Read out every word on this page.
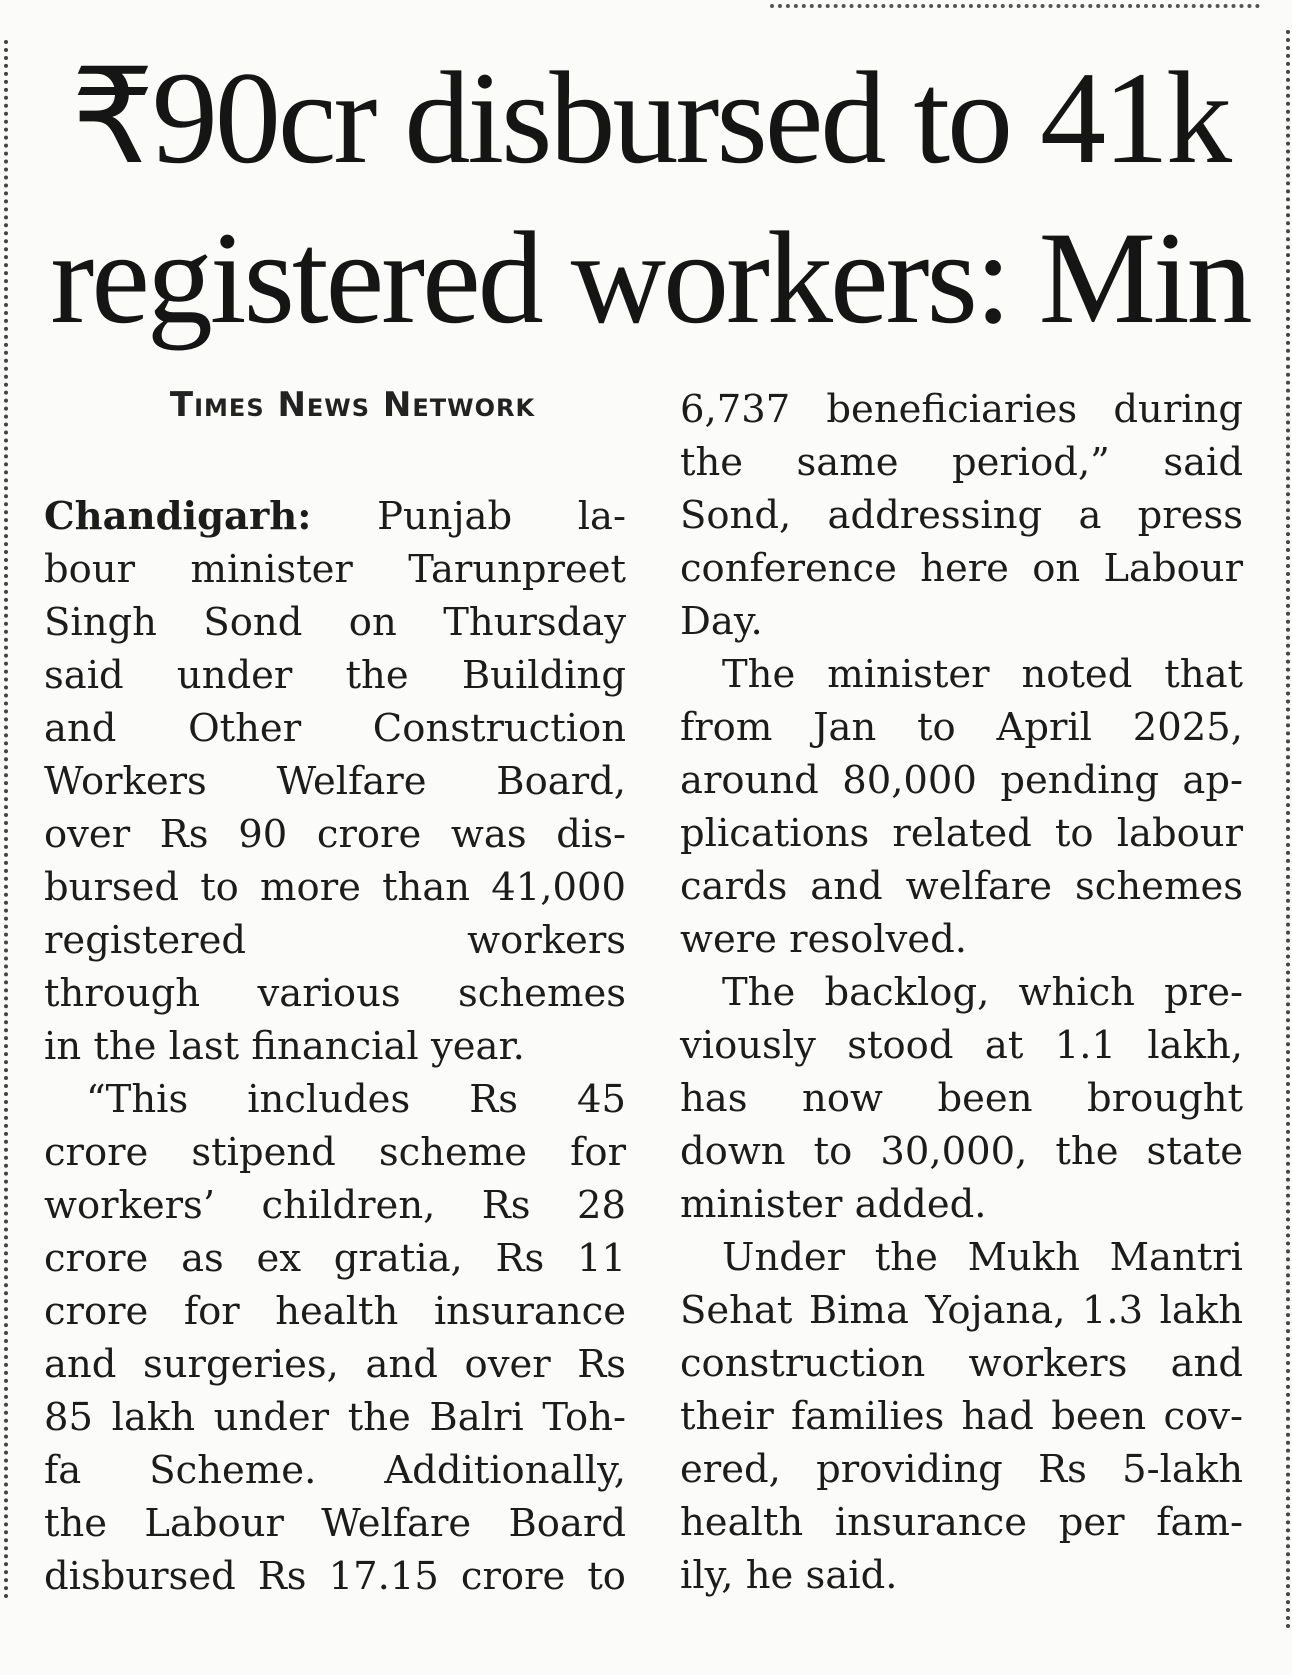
₹90cr disbursed to 41k
registered workers: Min
Times News Network
Chandigarh: Punjab la-
bour minister Tarunpreet
Singh Sond on Thursday
said under the Building
and Other Construction
Workers Welfare Board,
over Rs 90 crore was dis-
bursed to more than 41,000
registered workers
through various schemes
in the last financial year.
“This includes Rs 45
crore stipend scheme for
workers’ children, Rs 28
crore as ex gratia, Rs 11
crore for health insurance
and surgeries, and over Rs
85 lakh under the Balri Toh-
fa Scheme. Additionally,
the Labour Welfare Board
disbursed Rs 17.15 crore to
6,737 beneficiaries during
the same period,” said
Sond, addressing a press
conference here on Labour
Day.
The minister noted that
from Jan to April 2025,
around 80,000 pending ap-
plications related to labour
cards and welfare schemes
were resolved.
The backlog, which pre-
viously stood at 1.1 lakh,
has now been brought
down to 30,000, the state
minister added.
Under the Mukh Mantri
Sehat Bima Yojana, 1.3 lakh
construction workers and
their families had been cov-
ered, providing Rs 5-lakh
health insurance per fam-
ily, he said.
